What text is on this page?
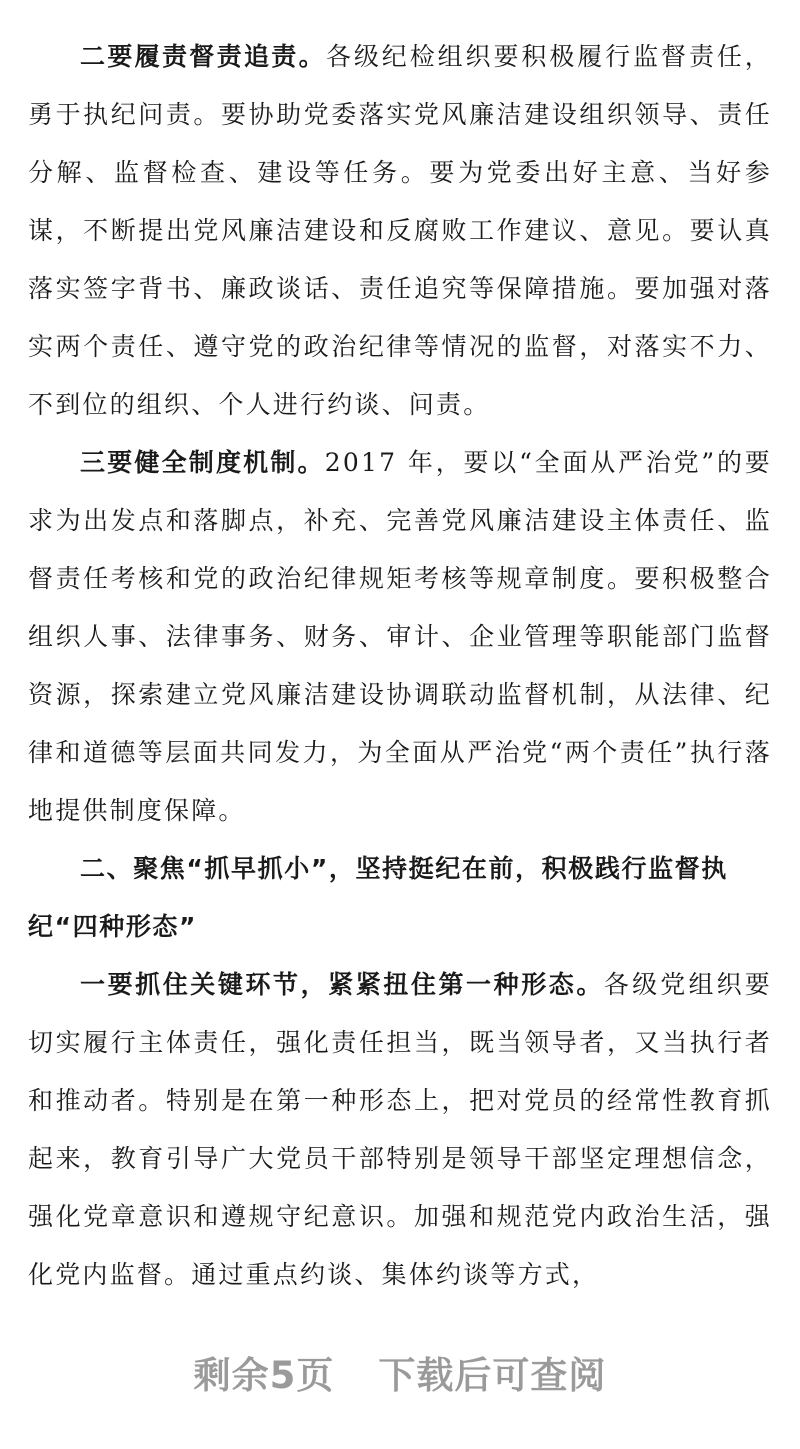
二要履责督责追责。各级纪检组织要积极履行监督责任，勇于执纪问责。要协助党委落实党风廉洁建设组织领导、责任分解、监督检查、建设等任务。要为党委出好主意、当好参谋，不断提出党风廉洁建设和反腐败工作建议、意见。要认真落实签字背书、廉政谈话、责任追究等保障措施。要加强对落实两个责任、遵守党的政治纪律等情况的监督，对落实不力、不到位的组织、个人进行约谈、问责。

三要健全制度机制。2017 年，要以“全面从严治党”的要求为出发点和落脚点，补充、完善党风廉洁建设主体责任、监督责任考核和党的政治纪律规矩考核等规章制度。要积极整合组织人事、法律事务、财务、审计、企业管理等职能部门监督资源，探索建立党风廉洁建设协调联动监督机制，从法律、纪律和道德等层面共同发力，为全面从严治党“两个责任”执行落地提供制度保障。

二、聚焦“抓早抓小”，坚持挺纪在前，积极践行监督执纪“四种形态”

一要抓住关键环节，紧紧扭住第一种形态。各级党组织要切实履行主体责任，强化责任担当，既当领导者，又当执行者和推动者。特别是在第一种形态上，把对党员的经常性教育抓起来，教育引导广大党员干部特别是领导干部坚定理想信念，强化党章意识和遵规守纪意识。加强和规范党内政治生活，强化党内监督。通过重点约谈、集体约谈等方式，

剩余5页 下载后可查阅
